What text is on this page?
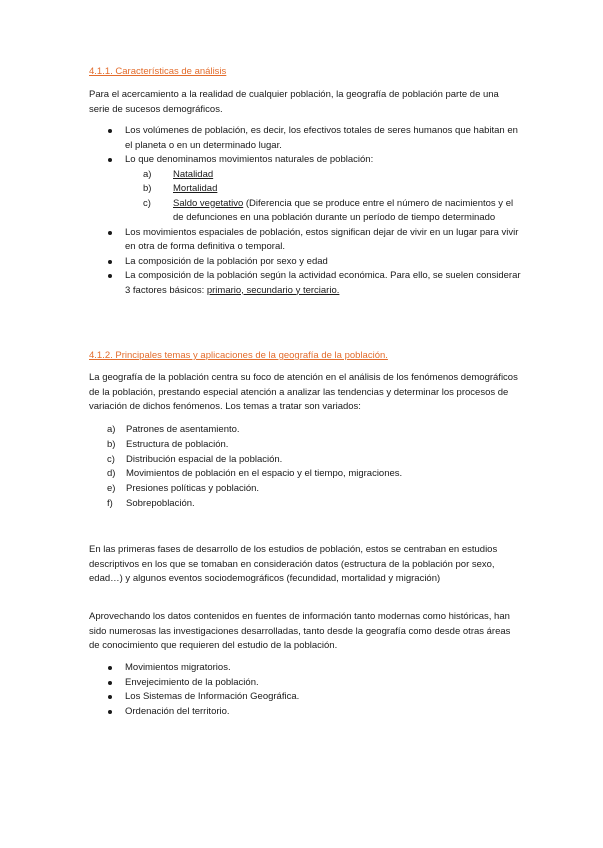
4.1.1. Características de análisis
Para el acercamiento a la realidad de cualquier población, la geografía de población parte de una serie de sucesos demográficos.
Los volúmenes de población, es decir, los efectivos totales de seres humanos que habitan en el planeta o en un determinado lugar.
Lo que denominamos movimientos naturales de población:
a) Natalidad
b) Mortalidad
c) Saldo vegetativo (Diferencia que se produce entre el número de nacimientos y el de defunciones en una población durante un período de tiempo determinado
Los movimientos espaciales de población, estos significan dejar de vivir en un lugar para vivir en otra de forma definitiva o temporal.
La composición de la población por sexo y edad
La composición de la población según la actividad económica. Para ello, se suelen considerar 3 factores básicos: primario, secundario y terciario.
4.1.2. Principales temas y aplicaciones de la geografía de la población.
La geografía de la población centra su foco de atención en el análisis de los fenómenos demográficos de la población, prestando especial atención a analizar las tendencias y determinar los procesos de variación de dichos fenómenos. Los temas a tratar son variados:
a) Patrones de asentamiento.
b) Estructura de población.
c) Distribución espacial de la población.
d) Movimientos de población en el espacio y el tiempo, migraciones.
e) Presiones políticas y población.
f) Sobrepoblación.
En las primeras fases de desarrollo de los estudios de población, estos se centraban en estudios descriptivos en los que se tomaban en consideración datos (estructura de la población por sexo, edad…) y algunos eventos sociodemográficos (fecundidad, mortalidad y migración)
Aprovechando los datos contenidos en fuentes de información tanto modernas como históricas, han sido numerosas las investigaciones desarrolladas, tanto desde la geografía como desde otras áreas de conocimiento que requieren del estudio de la población.
Movimientos migratorios.
Envejecimiento de la población.
Los Sistemas de Información Geográfica.
Ordenación del territorio.
